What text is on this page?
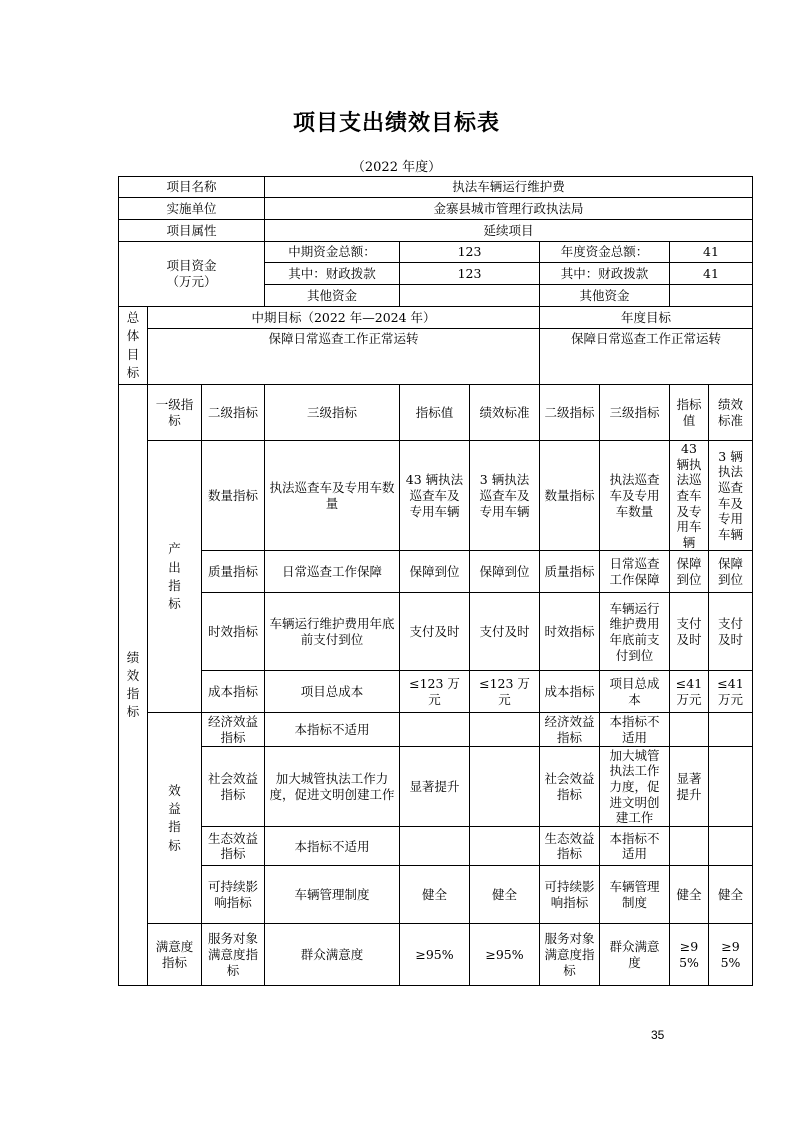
项目支出绩效目标表
（2022 年度）
项目名称			执法车辆运行维护费						
实施单位			金寨县城市管理行政执法局						
项目属性			延续项目						

项目资金
（万元）			中期资金总额：	123		年度资金总额：		41	
			其中：财政拨款	123		其中：财政拨款		41	
			其他资金			其他资金			
总体目标	中期目标（2022 年—2024 年）					年度目标			
	保障日常巡查工作正常运转					保障日常巡查工作正常运转			
绩效指标	一级指标	二级指标	三级指标	指标值	绩效标准	二级指标	三级指标	指标值	绩效标准
	产出指标	数量指标	执法巡查车及专用车数量	43 辆执法巡查车及专用车辆	3 辆执法巡查车及专用车辆	数量指标	执法巡查车及专用车数量	43 辆执法巡查车及专用车辆	3 辆执法巡查车及专用车辆
		质量指标	日常巡查工作保障	保障到位	保障到位	质量指标	日常巡查工作保障	保障到位	保障到位
		时效指标	车辆运行维护费用年底前支付到位	支付及时	支付及时	时效指标	车辆运行维护费用年底前支付到位	支付及时	支付及时
		成本指标	项目总成本	≤123 万元	≤123 万元	成本指标	项目总成本	≤41 万元	≤41 万元
	效益指标	经济效益指标	本指标不适用			经济效益指标	本指标不适用		
		社会效益指标	加大城管执法工作力度，促进文明创建工作	显著提升		社会效益指标	加大城管执法工作力度，促进文明创建工作	显著提升	
		生态效益指标	本指标不适用			生态效益指标	本指标不适用		
		可持续影响指标	车辆管理制度	健全	健全	可持续影响指标	车辆管理制度	健全	健全
	满意度指标	服务对象满意度指标	群众满意度	≥95%	≥95%	服务对象满意度指标	群众满意度	≥95%	≥95%
35
